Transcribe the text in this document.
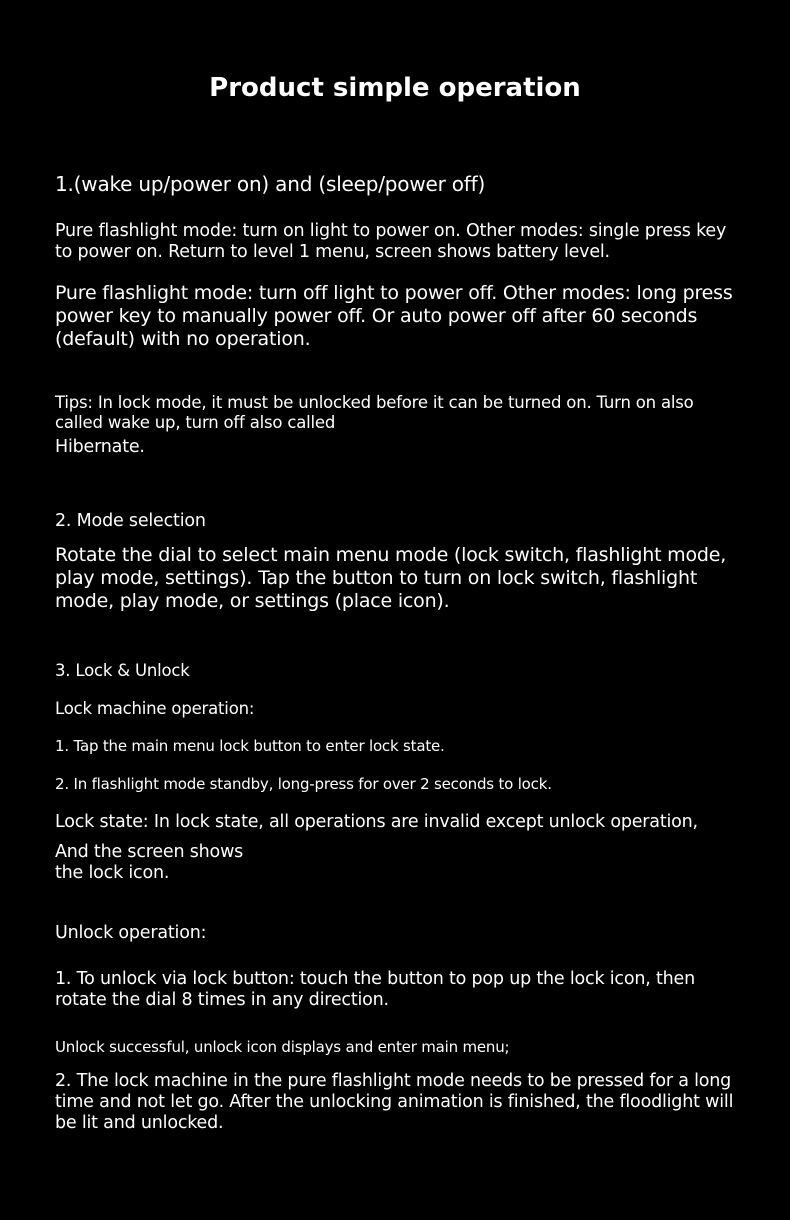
Product simple operation

1.(wake up/power on) and (sleep/power off)

Pure flashlight mode: turn on light to power on. Other modes: single press key to power on. Return to level 1 menu, screen shows battery level.

Pure flashlight mode: turn off light to power off. Other modes: long press power key to manually power off. Or auto power off after 60 seconds (default) with no operation.

Tips: In lock mode, it must be unlocked before it can be turned on. Turn on also called wake up, turn off also called

Hibernate.

2. Mode selection

Rotate the dial to select main menu mode (lock switch, flashlight mode, play mode, settings). Tap the button to turn on lock switch, flashlight mode, play mode, or settings (place icon).

3. Lock & Unlock

Lock machine operation:

1. Tap the main menu lock button to enter lock state.

2. In flashlight mode standby, long-press for over 2 seconds to lock.

Lock state: In lock state, all operations are invalid except unlock operation,

And the screen shows

the lock icon.

Unlock operation:

1. To unlock via lock button: touch the button to pop up the lock icon, then rotate the dial 8 times in any direction.

Unlock successful, unlock icon displays and enter main menu;

2. The lock machine in the pure flashlight mode needs to be pressed for a long time and not let go. After the unlocking animation is finished, the floodlight will be lit and unlocked.
